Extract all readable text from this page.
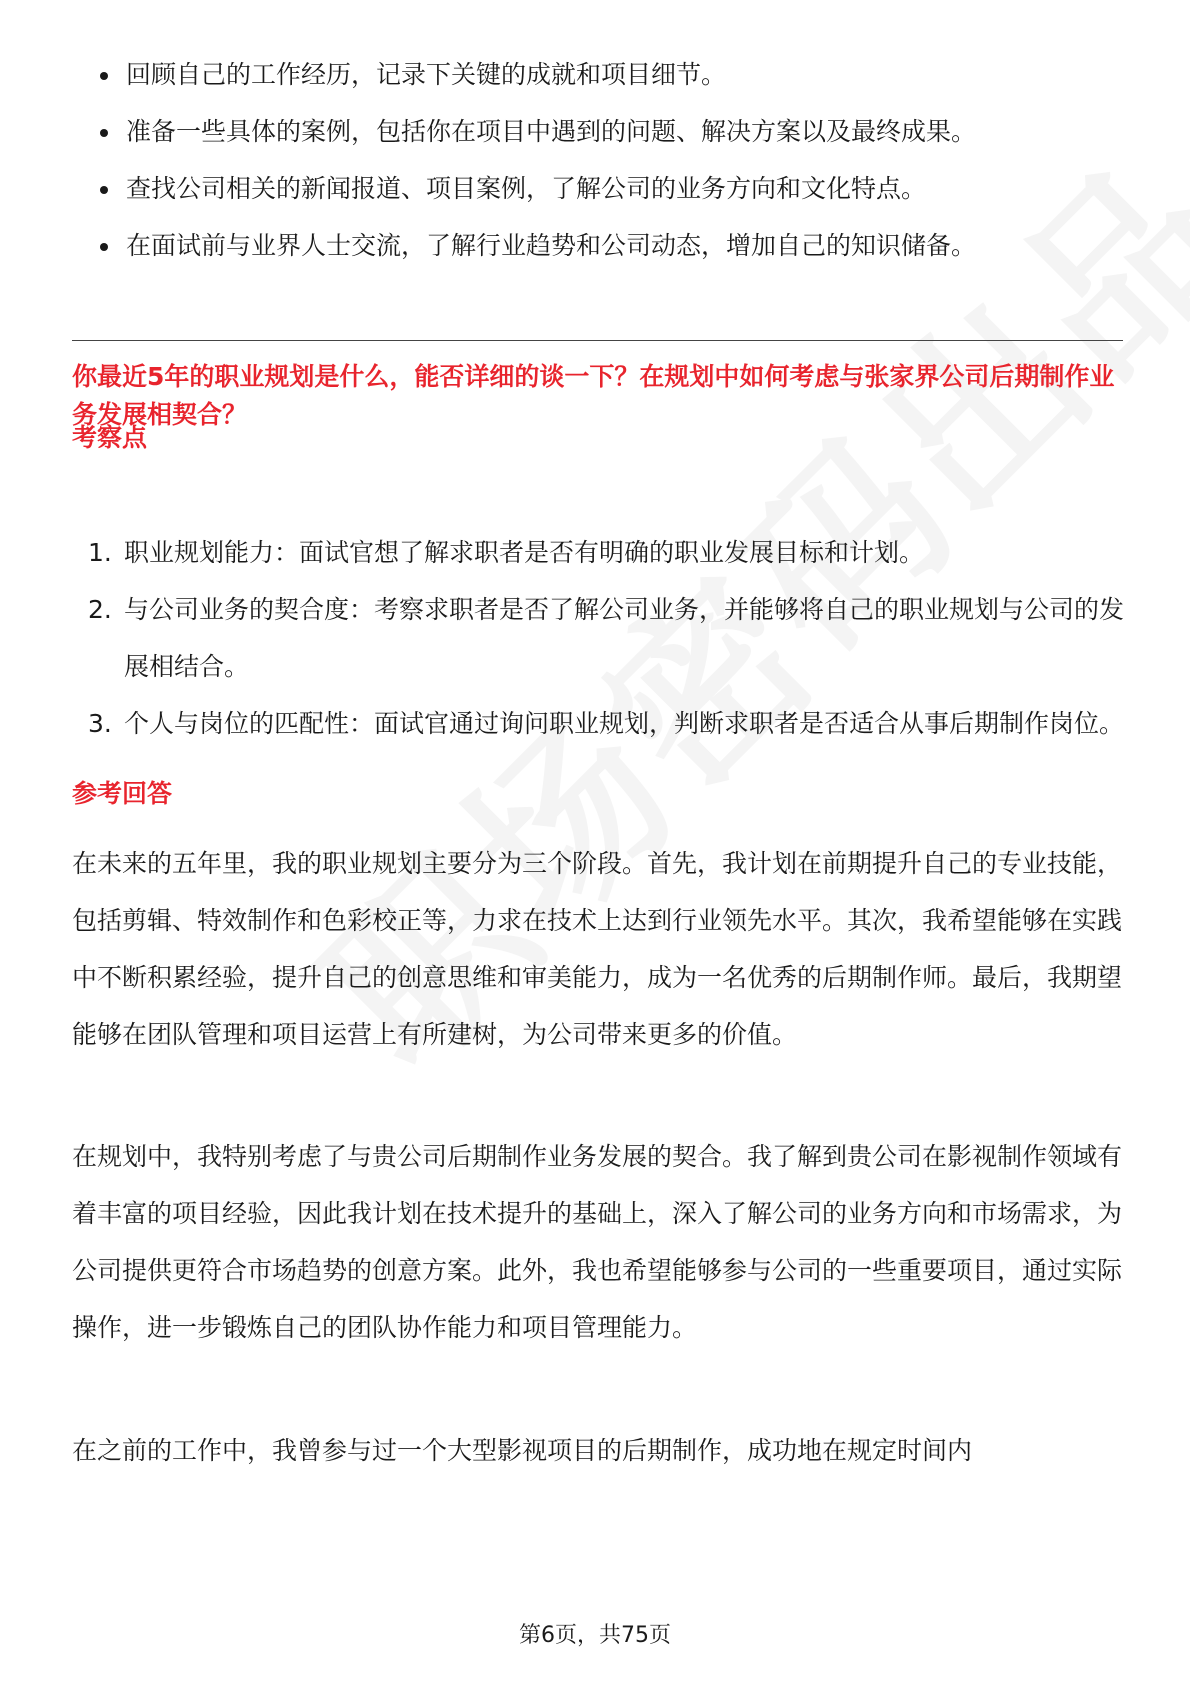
回顾自己的工作经历，记录下关键的成就和项目细节。
准备一些具体的案例，包括你在项目中遇到的问题、解决方案以及最终成果。
查找公司相关的新闻报道、项目案例，了解公司的业务方向和文化特点。
在面试前与业界人士交流，了解行业趋势和公司动态，增加自己的知识储备。
你最近5年的职业规划是什么，能否详细的谈一下？在规划中如何考虑与张家界公司后期制作业务发展相契合？
考察点
1. 职业规划能力：面试官想了解求职者是否有明确的职业发展目标和计划。
2. 与公司业务的契合度：考察求职者是否了解公司业务，并能够将自己的职业规划与公司的发展相结合。
3. 个人与岗位的匹配性：面试官通过询问职业规划，判断求职者是否适合从事后期制作岗位。
参考回答

在未来的五年里，我的职业规划主要分为三个阶段。首先，我计划在前期提升自己的专业技能，包括剪辑、特效制作和色彩校正等，力求在技术上达到行业领先水平。其次，我希望能够在实践中不断积累经验，提升自己的创意思维和审美能力，成为一名优秀的后期制作师。最后，我期望能够在团队管理和项目运营上有所建树，为公司带来更多的价值。

在规划中，我特别考虑了与贵公司后期制作业务发展的契合。我了解到贵公司在影视制作领域有着丰富的项目经验，因此我计划在技术提升的基础上，深入了解公司的业务方向和市场需求，为公司提供更符合市场趋势的创意方案。此外，我也希望能够参与公司的一些重要项目，通过实际操作，进一步锻炼自己的团队协作能力和项目管理能力。

在之前的工作中，我曾参与过一个大型影视项目的后期制作，成功地在规定时间内

第6页，共75页
